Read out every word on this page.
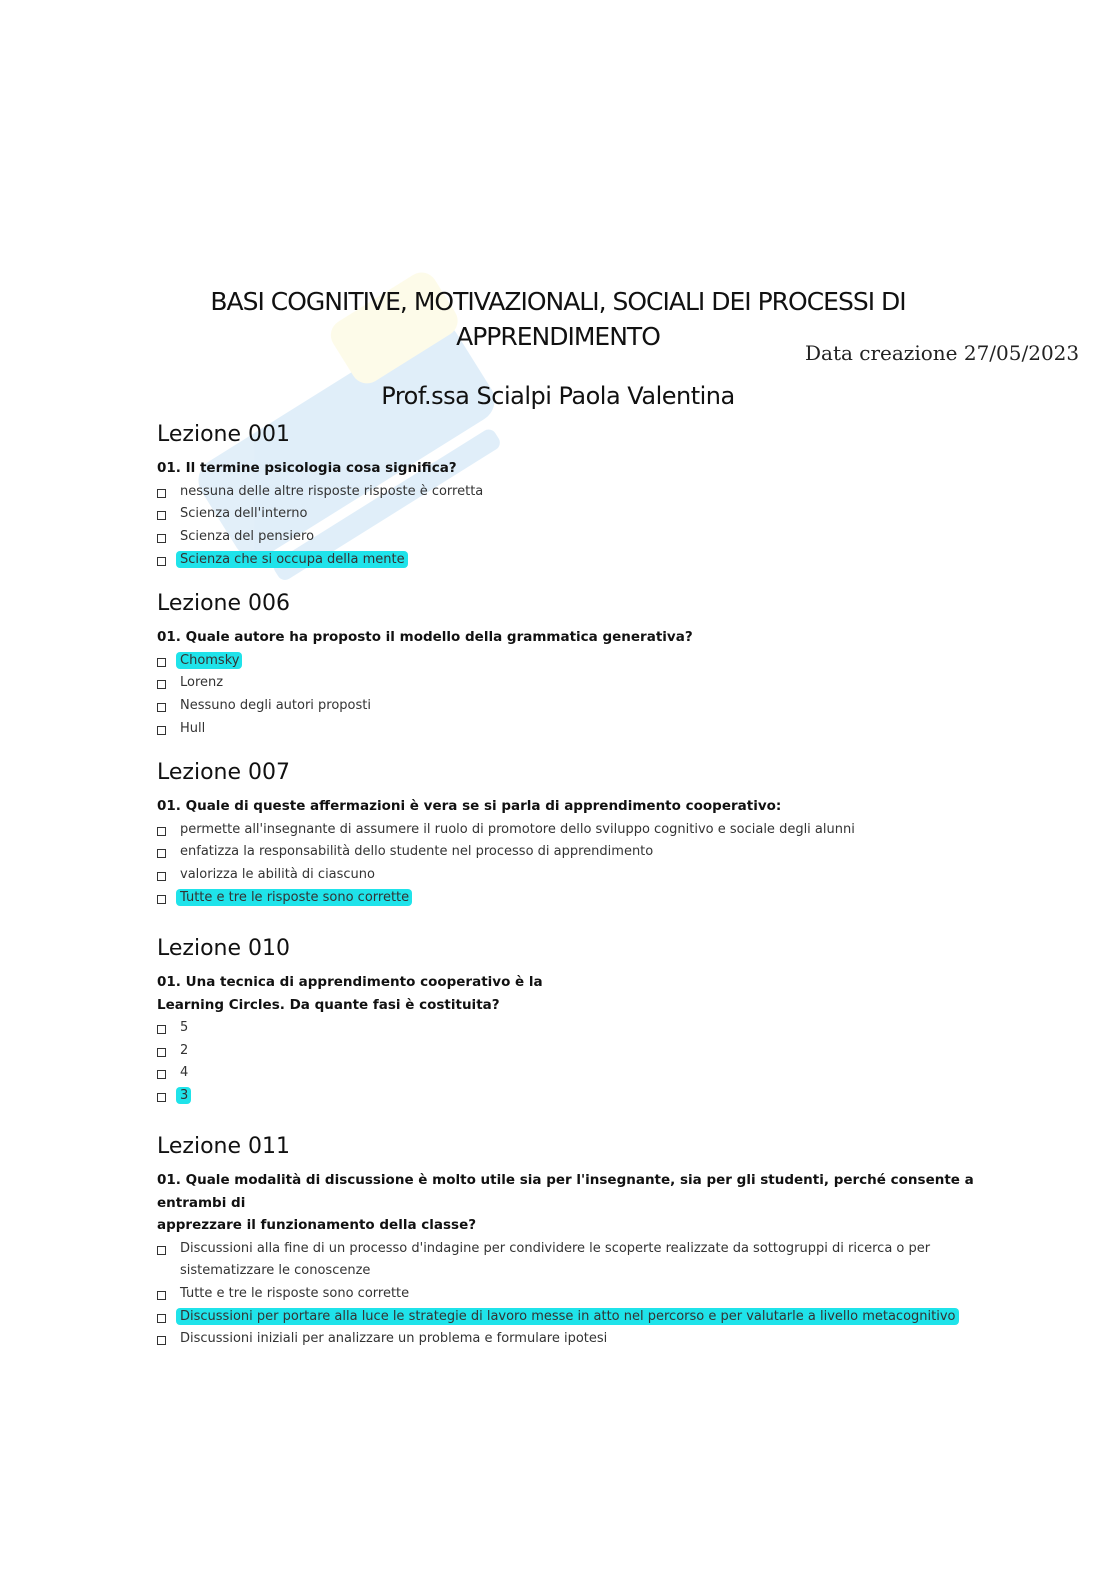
BASI COGNITIVE, MOTIVAZIONALI, SOCIALI DEI PROCESSI DI
APPRENDIMENTO
Data creazione 27/05/2023
Prof.ssa Scialpi Paola Valentina
Lezione 001
01. Il termine psicologia cosa significa?
nessuna delle altre risposte risposte è corretta
Scienza dell'interno
Scienza del pensiero
Scienza che si occupa della mente
Lezione 006
01. Quale autore ha proposto il modello della grammatica generativa?
Chomsky
Lorenz
Nessuno degli autori proposti
Hull
Lezione 007
01. Quale di queste affermazioni è vera se si parla di apprendimento cooperativo:
permette all'insegnante di assumere il ruolo di promotore dello sviluppo cognitivo e sociale degli alunni
enfatizza la responsabilità dello studente nel processo di apprendimento
valorizza le abilità di ciascuno
Tutte e tre le risposte sono corrette
Lezione 010
01. Una tecnica di apprendimento cooperativo è la
Learning Circles. Da quante fasi è costituita?
5
2
4
3
Lezione 011
01. Quale modalità di discussione è molto utile sia per l'insegnante, sia per gli studenti, perché consente a entrambi di
apprezzare il funzionamento della classe?
Discussioni alla fine di un processo d'indagine per condividere le scoperte realizzate da sottogruppi di ricerca o per
sistematizzare le conoscenze
Tutte e tre le risposte sono corrette
Discussioni per portare alla luce le strategie di lavoro messe in atto nel percorso e per valutarle a livello metacognitivo
Discussioni iniziali per analizzare un problema e formulare ipotesi
